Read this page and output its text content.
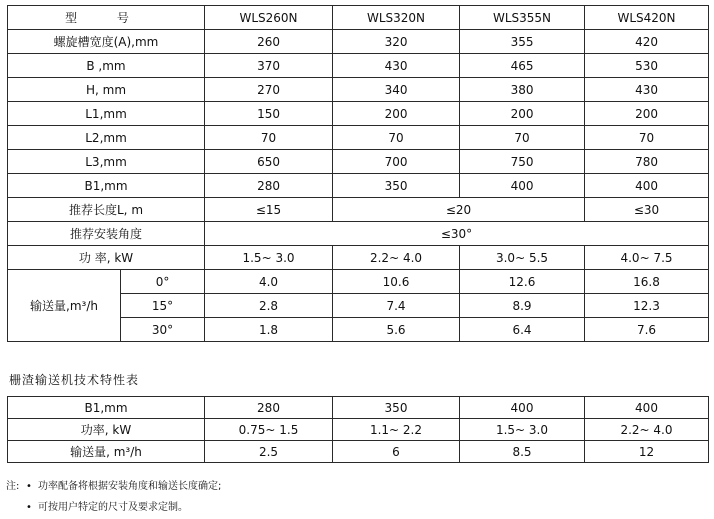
型 号		WLS260N	WLS320N	WLS355N	WLS420N
螺旋槽宽度(A),mm		260	320	355	420
B ,mm		370	430	465	530
H, mm		270	340	380	430
L1,mm		150	200	200	200
L2,mm		70	70	70	70
L3,mm		650	700	750	780
B1,mm		280	350	400	400
推荐长度L, m		≤15	≤20		≤30
推荐安装角度		≤30°			
功 率, kW		1.5~ 3.0	2.2~ 4.0	3.0~ 5.5	4.0~ 7.5
输送量,m³/h	0°	4.0	10.6	12.6	16.8
	15°	2.8	7.4	8.9	12.3
	30°	1.8	5.6	6.4	7.6
栅渣输送机技术特性表
B1,mm	280	350	400	400
功率, kW	0.75~ 1.5	1.1~ 2.2	1.5~ 3.0	2.2~ 4.0
输送量, m³/h	2.5	6	8.5	12
注: • 功率配备将根据安装角度和输送长度确定;
• 可按用户特定的尺寸及要求定制。
